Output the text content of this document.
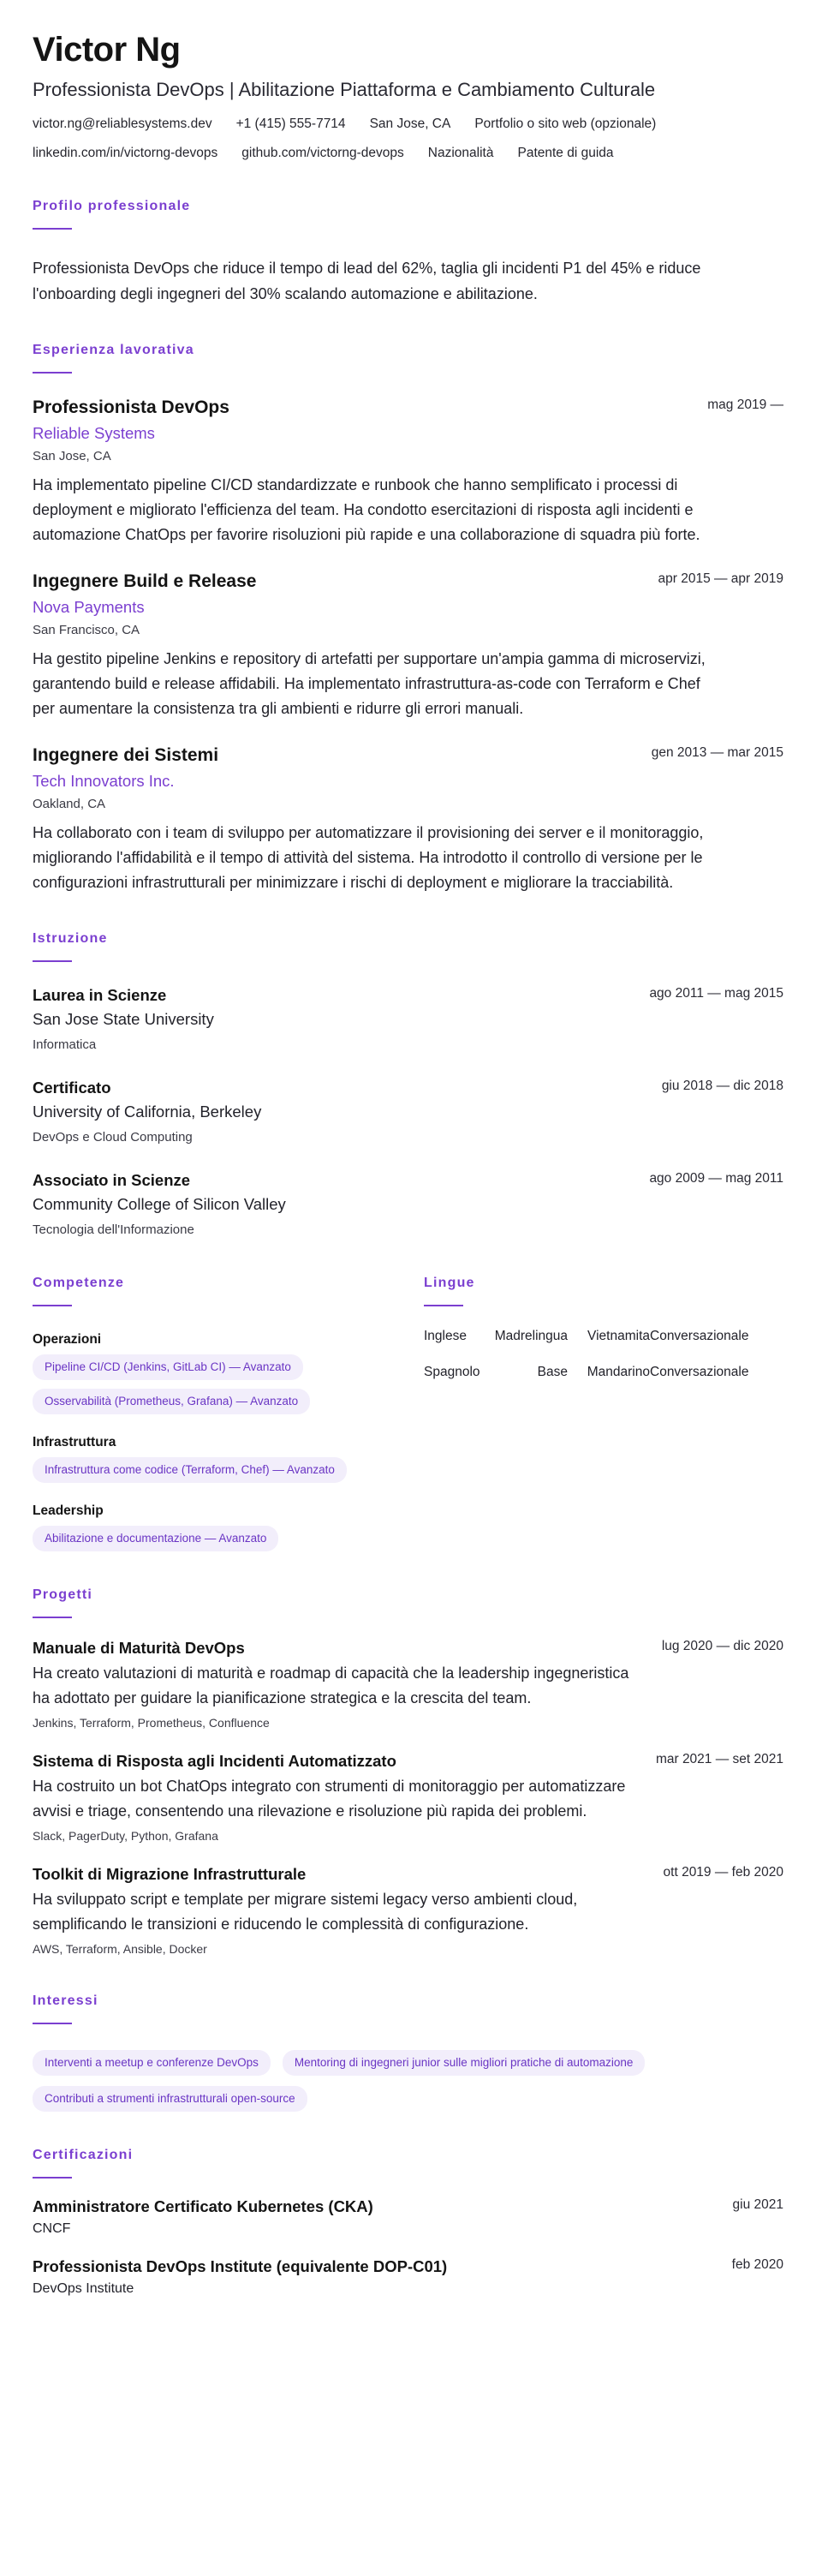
Victor Ng
Professionista DevOps | Abilitazione Piattaforma e Cambiamento Culturale
victor.ng@reliablesystems.dev +1 (415) 555-7714 San Jose, CA Portfolio o sito web (opzionale)
linkedin.com/in/victorng-devops github.com/victorng-devops Nazionalità Patente di guida
Profilo professionale

Professionista DevOps che riduce il tempo di lead del 62%, taglia gli incidenti P1 del 45% e riduce l'onboarding degli ingegneri del 30% scalando automazione e abilitazione.

Esperienza lavorativa
Professionista DevOps	mag 2019 —
Reliable Systems
San Jose, CA

Ha implementato pipeline CI/CD standardizzate e runbook che hanno semplificato i processi di deployment e migliorato l'efficienza del team. Ha condotto esercitazioni di risposta agli incidenti e automazione ChatOps per favorire risoluzioni più rapide e una collaborazione di squadra più forte.

Ingegnere Build e Release	apr 2015 — apr 2019
Nova Payments
San Francisco, CA

Ha gestito pipeline Jenkins e repository di artefatti per supportare un'ampia gamma di microservizi, garantendo build e release affidabili. Ha implementato infrastruttura-as-code con Terraform e Chef per aumentare la consistenza tra gli ambienti e ridurre gli errori manuali.

Ingegnere dei Sistemi	gen 2013 — mar 2015
Tech Innovators Inc.
Oakland, CA

Ha collaborato con i team di sviluppo per automatizzare il provisioning dei server e il monitoraggio, migliorando l'affidabilità e il tempo di attività del sistema. Ha introdotto il controllo di versione per le configurazioni infrastrutturali per minimizzare i rischi di deployment e migliorare la tracciabilità.

Istruzione
Laurea in Scienze	ago 2011 — mag 2015
San Jose State University
Informatica
Certificato	giu 2018 — dic 2018
University of California, Berkeley
DevOps e Cloud Computing
Associato in Scienze	ago 2009 — mag 2011
Community College of Silicon Valley
Tecnologia dell'Informazione
Competenze
Operazioni
Pipeline CI/CD (Jenkins, GitLab CI) — Avanzato
Osservabilità (Prometheus, Grafana) — Avanzato
Infrastruttura
Infrastruttura come codice (Terraform, Chef) — Avanzato
Leadership
Abilitazione e documentazione — Avanzato
Lingue
Inglese	Madrelingua	Vietnamita Conversazionale
Spagnolo	Base	Mandarino Conversazionale
Progetti
Manuale di Maturità DevOps	lug 2020 — dic 2020

Ha creato valutazioni di maturità e roadmap di capacità che la leadership ingegneristica ha adottato per guidare la pianificazione strategica e la crescita del team.

Jenkins, Terraform, Prometheus, Confluence
Sistema di Risposta agli Incidenti Automatizzato	mar 2021 — set 2021

Ha costruito un bot ChatOps integrato con strumenti di monitoraggio per automatizzare avvisi e triage, consentendo una rilevazione e risoluzione più rapida dei problemi.

Slack, PagerDuty, Python, Grafana
Toolkit di Migrazione Infrastrutturale	ott 2019 — feb 2020

Ha sviluppato script e template per migrare sistemi legacy verso ambienti cloud, semplificando le transizioni e riducendo le complessità di configurazione.

AWS, Terraform, Ansible, Docker
Interessi
Interventi a meetup e conferenze DevOps	Mentoring di ingegneri junior sulle migliori pratiche di automazione
Contributi a strumenti infrastrutturali open-source
Certificazioni
Amministratore Certificato Kubernetes (CKA)	giu 2021
CNCF
Professionista DevOps Institute (equivalente DOP-C01)	feb 2020
DevOps Institute
